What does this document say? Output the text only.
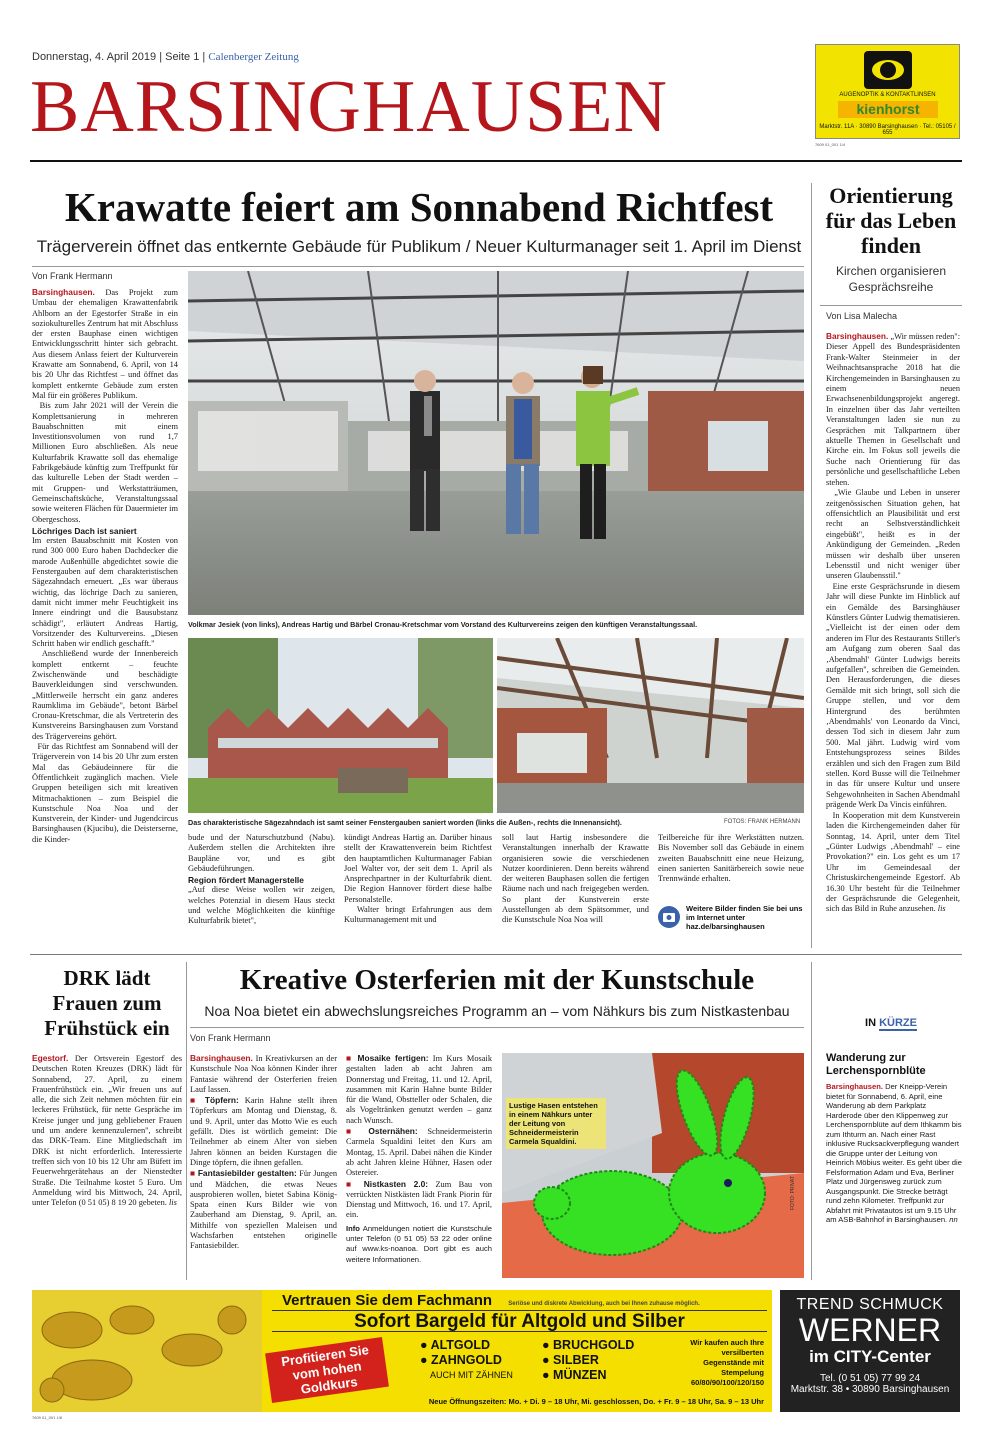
Donnerstag, 4. April 2019 | Seite 1 | Calenberger Zeitung
BARSINGHAUSEN	AUGENOPTIK & KONTAKTLINSEN
kienhorst
Marktstr. 11A · 30890 Barsinghausen · Tel.: 05105 / 655
7609 01_001 1/4
Krawatte feiert am Sonnabend Richtfest
Trägerverein öffnet das entkernte Gebäude für Publikum / Neuer Kulturmanager seit 1. April im Dienst
Von Frank Hermann

Barsinghausen. Das Projekt zum Umbau der ehemaligen Krawattenfabrik Ahlborn an der Egestorfer Straße in ein soziokulturelles Zentrum hat mit Abschluss der ersten Bauphase einen wichtigen Entwicklungsschritt hinter sich gebracht. Aus diesem Anlass feiert der Kulturverein Krawatte am Sonnabend, 6. April, von 14 bis 20 Uhr das Richtfest – und öffnet das komplett entkernte Gebäude zum ersten Mal für ein größeres Publikum.

Bis zum Jahr 2021 will der Verein die Komplettsanierung in mehreren Bauabschnitten mit einem Investitionsvolumen von rund 1,7 Millionen Euro abschließen. Als neue Kulturfabrik Krawatte soll das ehemalige Fabrikgebäude künftig zum Treffpunkt für das kulturelle Leben der Stadt werden – mit Gruppen- und Werkstatträumen, Gemeinschaftsküche, Veranstaltungssaal sowie weiteren Flächen für Dauermieter im Obergeschoss.

Löchriges Dach ist saniert

Im ersten Bauabschnitt mit Kosten von rund 300 000 Euro haben Dachdecker die marode Außenhülle abgedichtet sowie die Fenstergauben auf dem charakteristischen Sägezahndach erneuert. „Es war überaus wichtig, das löchrige Dach zu sanieren, damit nicht immer mehr Feuchtigkeit ins Innere eindringt und die Bausubstanz schädigt", erläutert Andreas Hartig, Vorsitzender des Kulturvereins. „Diesen Schritt haben wir endlich geschafft."

Anschließend wurde der Innenbereich komplett entkernt – feuchte Zwischenwände und beschädigte Bauverkleidungen sind verschwunden. „Mittlerweile herrscht ein ganz anderes Raumklima im Gebäude", betont Bärbel Cronau-Kretschmar, die als Vertreterin des Kunstvereins Barsinghausen zum Vorstand des Trägervereins gehört.

Für das Richtfest am Sonnabend will der Trägerverein von 14 bis 20 Uhr zum ersten Mal das Gebäudeinnere für die Öffentlichkeit zugänglich machen. Viele Gruppen beteiligen sich mit kreativen Mitmachaktionen – zum Beispiel die Kunstschule Noa Noa und der Kunstverein, der Kinder- und Jugendcircus Barsinghausen (Kjucibu), die Deisterserne, die Kinder-

Volkmar Jesiek (von links), Andreas Hartig und Bärbel Cronau-Kretschmar vom Vorstand des Kulturvereins zeigen den künftigen Veranstaltungssaal.
Das charakteristische Sägezahndach ist samt seiner Fenstergauben saniert worden (links die Außen-, rechts die Innenansicht).	FOTOS: FRANK HERMANN

bude und der Naturschutzbund (Nabu). Außerdem stellen die Architekten ihre Baupläne vor, und es gibt Gebäudeführungen.

Region fördert Managerstelle

„Auf diese Weise wollen wir zeigen, welches Potenzial in diesem Haus steckt und welche Möglichkeiten die künftige Kulturfabrik bietet",

kündigt Andreas Hartig an. Darüber hinaus stellt der Krawattenverein beim Richtfest den hauptamtlichen Kulturmanager Fabian Joel Walter vor, der seit dem 1. April als Ansprechpartner in der Kulturfabrik dient. Die Region Hannover fördert diese halbe Personalstelle.

Walter bringt Erfahrungen aus dem Kulturmanagement mit und

soll laut Hartig insbesondere die Veranstaltungen innerhalb der Krawatte organisieren sowie die verschiedenen Nutzer koordinieren. Denn bereits während der weiteren Bauphasen sollen die fertigen Räume nach und nach freigegeben werden. So plant der Kunstverein erste Ausstellungen ab dem Spätsommer, und die Kunstschule Noa Noa will

Teilbereiche für ihre Werkstätten nutzen. Bis November soll das Gebäude in einem zweiten Bauabschnitt eine neue Heizung, einen sanierten Sanitärbereich sowie neue Trennwände erhalten.

Weitere Bilder finden Sie bei uns im Internet unter haz.de/barsinghausen
Orientierung für das Leben finden
Kirchen organisieren Gesprächsreihe
Von Lisa Malecha

Barsinghausen. „Wir müssen reden": Dieser Appell des Bundespräsidenten Frank-Walter Steinmeier in der Weihnachtsansprache 2018 hat die Kirchengemeinden in Barsinghausen zu einem neuen Erwachsenenbildungsprojekt angeregt. In einzelnen über das Jahr verteilten Veranstaltungen laden sie nun zu Gesprächen mit Talkpartnern über aktuelle Themen in Gesellschaft und Kirche ein. Im Fokus soll jeweils die Suche nach Orientierung für das persönliche und gesellschaftliche Leben stehen.

„Wie Glaube und Leben in unserer zeitgenössischen Situation gehen, hat offensichtlich an Plausibilität und erst recht an Selbstverständlichkeit eingebüßt", heißt es in der Ankündigung der Gemeinden. „Reden müssen wir deshalb über unseren Lebensstil und nicht weniger über unseren Glaubensstil."

Eine erste Gesprächsrunde in diesem Jahr will diese Punkte im Hinblick auf ein Gemälde des Barsinghäuser Künstlers Günter Ludwig thematisieren. „Vielleicht ist der einen oder dem anderen im Flur des Restaurants Stiller's am Aufgang zum oberen Saal das ‚Abendmahl' Günter Ludwigs bereits aufgefallen", schreiben die Gemeinden. Den Herausforderungen, die dieses Gemälde mit sich bringt, soll sich die Gruppe stellen, und vor dem Hintergrund des berühmten ‚Abendmahls' von Leonardo da Vinci, dessen Tod sich in diesem Jahr zum 500. Mal jährt. Ludwig wird vom Entstehungsprozess seines Bildes erzählen und sich den Fragen zum Bild stellen. Kord Busse will die Teilnehmer in das für unsere Kultur und unsere Sehgewohnheiten in Sachen Abendmahl prägende Werk Da Vincis einführen.

In Kooperation mit dem Kunstverein laden die Kirchengemeinden daher für Sonntag, 14. April, unter dem Titel „Günter Ludwigs ‚Abendmahl' – eine Provokation?" ein. Los geht es um 17 Uhr im Gemeindesaal der Christuskirchengemeinde Egestorf. Ab 16.30 Uhr besteht für die Teilnehmer der Gesprächsrunde die Gelegenheit, sich das Bild in Ruhe anzusehen. lis

DRK lädt Frauen zum Frühstück ein

Egestorf. Der Ortsverein Egestorf des Deutschen Roten Kreuzes (DRK) lädt für Sonnabend, 27. April, zu einem Frauenfrühstück ein. „Wir freuen uns auf alle, die sich Zeit nehmen möchten für ein leckeres Frühstück, für nette Gespräche im Kreise junger und jung gebliebener Frauen und um andere kennenzulernen", schreibt das DRK-Team. Eine Mitgliedschaft im DRK ist nicht erforderlich. Interessierte treffen sich von 10 bis 12 Uhr am Büfett im Feuerwehrgerätehaus an der Nienstedter Straße. Die Teilnahme kostet 5 Euro. Um Anmeldung wird bis Mittwoch, 24. April, unter Telefon (0 51 05) 8 19 20 gebeten. lis

Kreative Osterferien mit der Kunstschule
Noa Noa bietet ein abwechslungsreiches Programm an – vom Nähkurs bis zum Nistkastenbau
Von Frank Hermann

Barsinghausen. In Kreativkursen an der Kunstschule Noa Noa können Kinder ihrer Fantasie während der Osterferien freien Lauf lassen.

■ Töpfern: Karin Hahne stellt ihren Töpferkurs am Montag und Dienstag, 8. und 9. April, unter das Motto Wie es euch gefällt. Dies ist wörtlich gemeint: Die Teilnehmer ab einem Alter von sieben Jahren können an beiden Kurstagen die Dinge töpfern, die ihnen gefallen.

■ Fantasiebilder gestalten: Für Jungen und Mädchen, die etwas Neues ausprobieren wollen, bietet Sabina König-Spata einen Kurs Bilder wie von Zauberhand am Dienstag, 9. April, an. Mithilfe von speziellen Maleisen und Wachsfarben entstehen originelle Fantasiebilder.

■ Mosaike fertigen: Im Kurs Mosaik gestalten laden ab acht Jahren am Donnerstag und Freitag, 11. und 12. April, zusammen mit Karin Hahne bunte Bilder für die Wand, Obstteller oder Schalen, die als Vogeltränken genutzt werden – ganz nach Wunsch.

■ Osternähen: Schneidermeisterin Carmela Squaldini leitet den Kurs am Montag, 15. April. Dabei nähen die Kinder ab acht Jahren kleine Hühner, Hasen oder Ostereier.

■ Nistkasten 2.0: Zum Bau von verrückten Nistkästen lädt Frank Piorin für Dienstag und Mittwoch, 16. und 17. April, ein.

Info Anmeldungen notiert die Kunstschule unter Telefon (0 51 05) 53 22 oder online auf www.ks-noanoa. Dort gibt es auch weitere Informationen.

Lustige Hasen entstehen in einem Nähkurs unter der Leitung von Schneidermeisterin Carmela Squaldini.
FOTO: PRIVAT
IN KÜRZE
Wanderung zur Lerchenspornblüte

Barsinghausen. Der Kneipp-Verein bietet für Sonnabend, 6. April, eine Wanderung ab dem Parkplatz Harderode über den Klippenweg zur Lerchenspornblüte auf dem Ithkamm bis zum Ithturm an. Nach einer Rast inklusive Rucksackverpflegung wandert die Gruppe unter der Leitung von Heinrich Möbius weiter. Es geht über die Felsformation Adam und Eva, Berliner Platz und Jürgensweg zurück zum Ausgangspunkt. Die Strecke beträgt rund zehn Kilometer. Treffpunkt zur Abfahrt mit Privatautos ist um 9.15 Uhr am ASB-Bahnhof in Barsinghausen. nn

Vertrauen Sie dem Fachmann	Seriöse und diskrete Abwicklung, auch bei Ihnen zuhause möglich.
Sofort Bargeld für Altgold und Silber
Profitieren Sie vom hohen Goldkurs
● ALTGOLD
● ZAHNGOLD
AUCH MIT ZÄHNEN
● BRUCHGOLD
● SILBER
● MÜNZEN
Wir kaufen auch Ihre versilberten Gegenstände mit Stempelung 60/80/90/100/120/150
Neue Öffnungszeiten: Mo. + Di. 9 – 18 Uhr, Mi. geschlossen, Do. + Fr. 9 – 18 Uhr, Sa. 9 – 13 Uhr
7609 01_001 1/8
TREND SCHMUCK
WERNER
im CITY-Center
Tel. (0 51 05) 77 99 24
Marktstr. 38 • 30890 Barsinghausen
